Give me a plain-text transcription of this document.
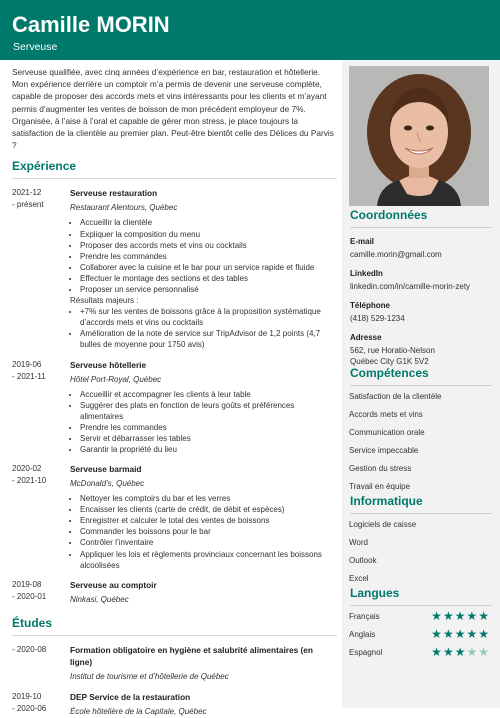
Camille MORIN
Serveuse

Serveuse qualifiée, avec cinq années d’expérience en bar, restauration et hôtellerie. Mon expérience derrière un comptoir m’a permis de devenir une serveuse complète, capable de proposer des accords mets et vins intéressants pour les clients et m’ayant permis d’augmenter les ventes de boisson de mon précédent employeur de 7%. Organisée, à l’aise à l’oral et capable de gérer mon stress, je place toujours la satisfaction de la clientèle au premier plan. Peut-être bientôt celle des Délices du Parvis ?

Expérience
2021-12
- présent
Serveuse restauration
Restaurant Alentours, Québec
• Accueillir la clientèle
• Expliquer la composition du menu
• Proposer des accords mets et vins ou cocktails
• Prendre les commandes
• Collaborer avec la cuisine et le bar pour un service rapide et fluide
• Effectuer le montage des sections et des tables
• Proposer un service personnalisé
Résultats majeurs :
• +7% sur les ventes de boissons grâce à la proposition systématique d’accords mets et vins ou cocktails
• Amélioration de la note de service sur TripAdvisor de 1,2 points (4,7 bulles de moyenne pour 1750 avis)
2019-06
- 2021-11
Serveuse hôtellerie
Hôtel Port-Royal, Québec
• Accueillir et accompagner les clients à leur table
• Suggérer des plats en fonction de leurs goûts et préférences alimentaires
• Prendre les commandes
• Servir et débarrasser les tables
• Garantir la propriété du lieu
2020-02
- 2021-10
Serveuse barmaid
McDonald’s, Québec
• Nettoyer les comptoirs du bar et les verres
• Encaisser les clients (carte de crédit, de débit et espèces)
• Enregistrer et calculer le total des ventes de boissons
• Commander les boissons pour le bar
• Contrôler l’inventaire
• Appliquer les lois et règlements provinciaux concernant les boissons alcoolisées
2019-08
- 2020-01
Serveuse au comptoir
Ninkasi, Québec
Études
- 2020-08	Formation obligatoire en hygiène et salubrité alimentaires (en ligne)
Institut de tourisme et d’hôtellerie de Québec
2019-10
- 2020-06
DEP Service de la restauration
École hôtelière de la Capitale, Québec
Coordonnées
E-mail
camille.morin@gmail.com
LinkedIn
linkedin.com/in/camille-morin-zety
Téléphone
(418) 529-1234
Adresse
562, rue Horatio-Nelson
Québec City G1K 5V2
Compétences
Satisfaction de la clientèle
Accords mets et vins
Communication orale
Service impeccable
Gestion du stress
Travail en équipe
Informatique
Logiciels de caisse
Word
Outlook
Excel
Langues
Français	★ ★ ★ ★ ★
Anglais	★ ★ ★ ★ ★
Espagnol	★ ★ ★ ★ ★
